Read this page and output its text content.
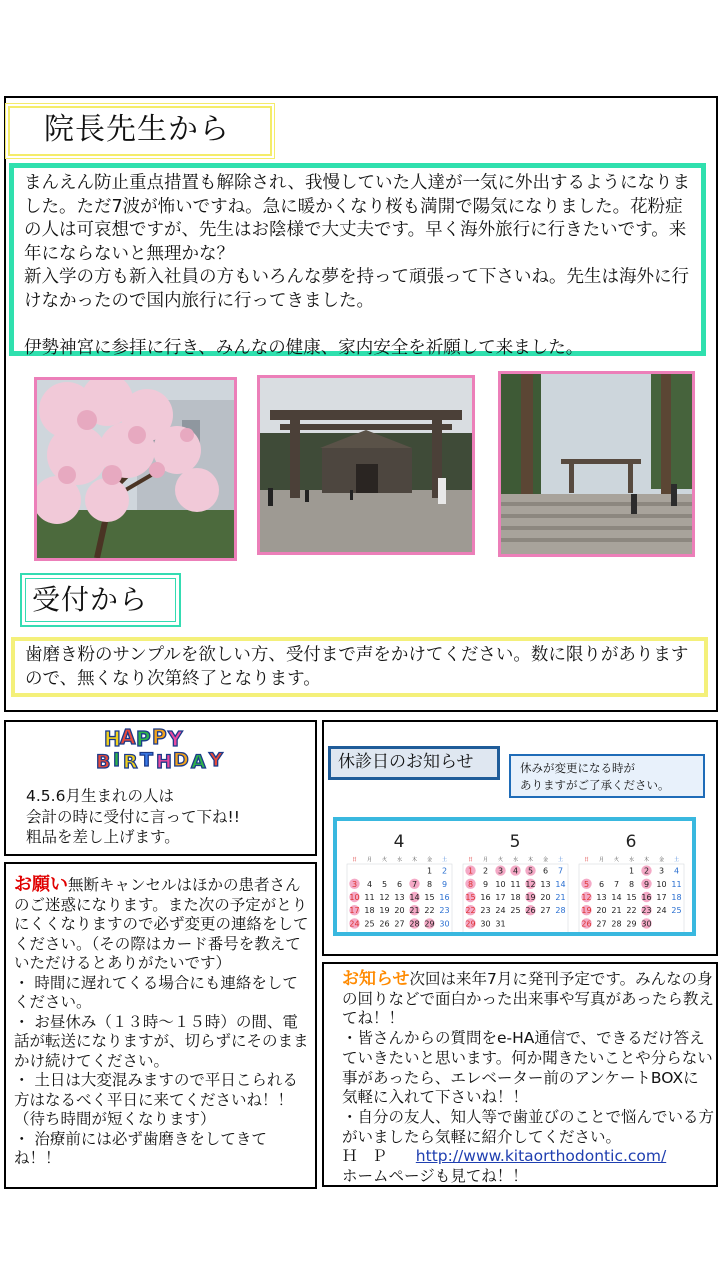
院長先生から

まんえん防止重点措置も解除され、我慢していた人達が一気に外出するようになりました。ただ7波が怖いですね。急に暖かくなり桜も満開で陽気になりました。花粉症の人は可哀想ですが、先生はお陰様で大丈夫です。早く海外旅行に行きたいです。来年にならないと無理かな？

新入学の方も新入社員の方もいろんな夢を持って頑張って下さいね。先生は海外に行けなかったので国内旅行に行ってきました。

伊勢神宮に参拝に行き、みんなの健康、家内安全を祈願して来ました。

受付から
歯磨き粉のサンプルを欲しい方、受付まで声をかけてください。数に限りがありますので、無くなり次第終了となります。
H A P P Y
B I R T H D A Y
4.5.6月生まれの人は
会計の時に受付に言って下ね!!
粗品を差し上げます。
お願い無断キャンセルはほかの患者さんのご迷惑になります。また次の予定がとりにくくなりますので必ず変更の連絡をしてください。（その際はカード番号を教えていただけるとありがたいです）
・ 時間に遅れてくる場合にも連絡をしてください。
・ お昼休み（１３時～１５時）の間、電話が転送になりますが、切らずにそのままかけ続けてください。
・ 土日は大変混みますので平日こられる方はなるべく平日に来てくださいね！！（待ち時間が短くなります）
・ 治療前には必ず歯磨きをしてきてね！！
休診日のお知らせ	休みが変更になる時が
ありますがご了承ください。
4
日 月 火 水 木 金 土
1 2
3 4 5 6 7 8 9
10 11 12 13 14 15 16
17 18 19 20 21 22 23
24 25 26 27 28 29 30
5
日 月 火 水 木 金 土
1 2 3 4 5 6 7
8 9 10 11 12 13 14
15 16 17 18 19 20 21
22 23 24 25 26 27 28
29 30 31
6
日 月 火 水 木 金 土
1 2 3 4
5 6 7 8 9 10 11
12 13 14 15 16 17 18
19 20 21 22 23 24 25
26 27 28 29 30
お知らせ次回は来年7月に発刊予定です。みんなの身の回りなどで面白かった出来事や写真があったら教えてね！！
・皆さんからの質問をe-HA通信で、できるだけ答えていきたいと思います。何か聞きたいことや分らない事があったら、エレベーター前のアンケートBOXに気軽に入れて下さいね！！
・自分の友人、知人等で歯並びのことで悩んでいる方がいましたら気軽に紹介してください。
ＨＰ http://www.kitaorthodontic.com/
ホームページも見てね！！
